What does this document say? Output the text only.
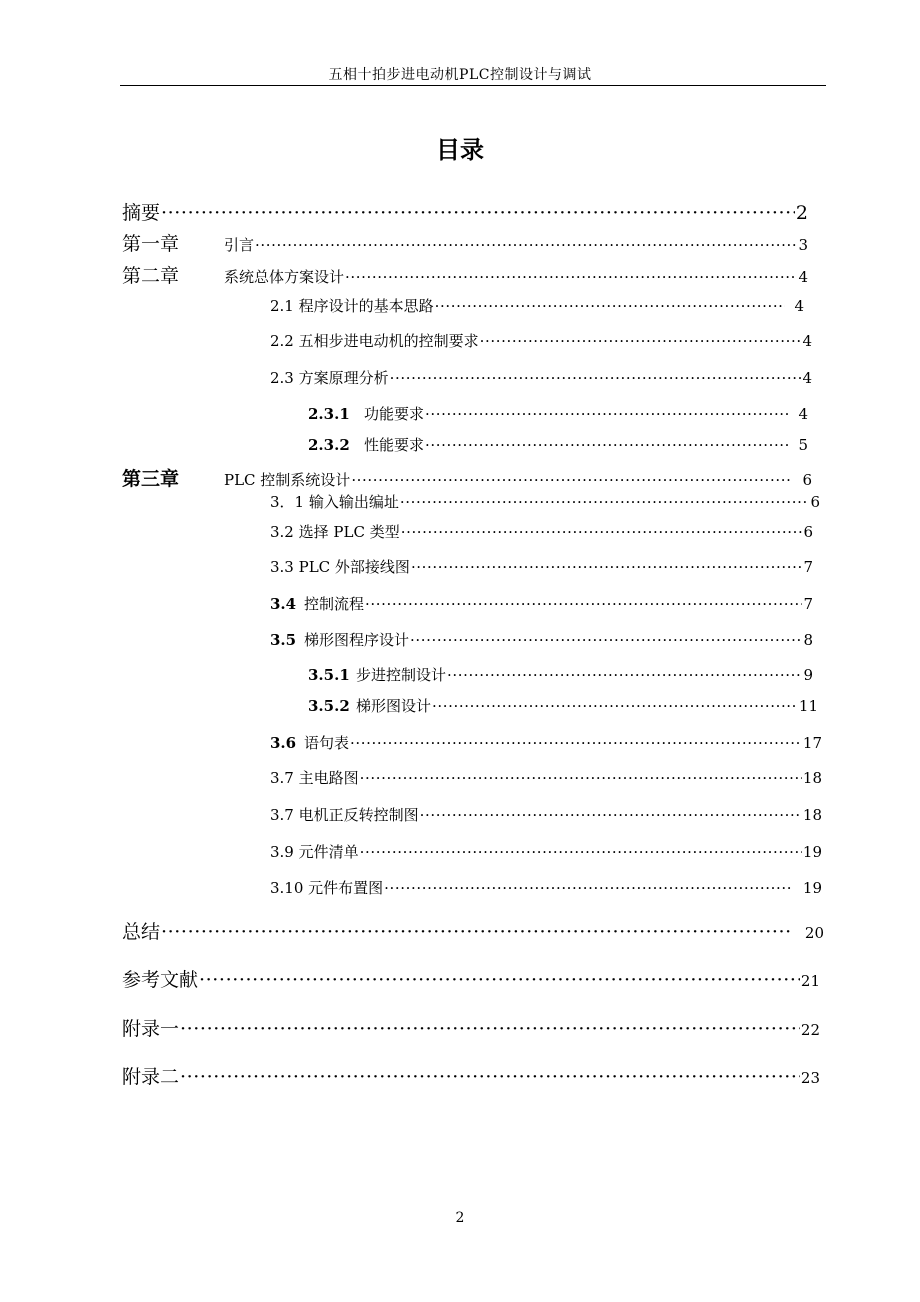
五相十拍步进电动机PLC控制设计与调试
目录
摘要 ·····	2
第一章	引言 ·····	3
第二章	系统总体方案设计 ·····	4
2.1 程序设计的基本思路 ·····	4
2.2 五相步进电动机的控制要求 ·····	4
2.3 方案原理分析 ·····	4
2.3.1 功能要求 ·····	4
2.3.2 性能要求 ·····	5
第三章	PLC 控制系统设计 ·····	6
3．1 输入输出编址 ·····	6
3.2 选择 PLC 类型 ·····	6
3.3 PLC 外部接线图 ·····	7
3.4 控制流程 ·····	7
3.5 梯形图程序设计 ·····	8
3.5.1 步进控制设计 ·····	9
3.5.2 梯形图设计 ·····	11
3.6 语句表 ·····	17
3.7 主电路图 ·····	18
3.7 电机正反转控制图 ·····	18
3.9 元件清单 ·····	19
3.10 元件布置图 ·····	19
总结 ·····	20
参考文献 ·····	21
附录一 ·····	22
附录二 ·····	23
2
